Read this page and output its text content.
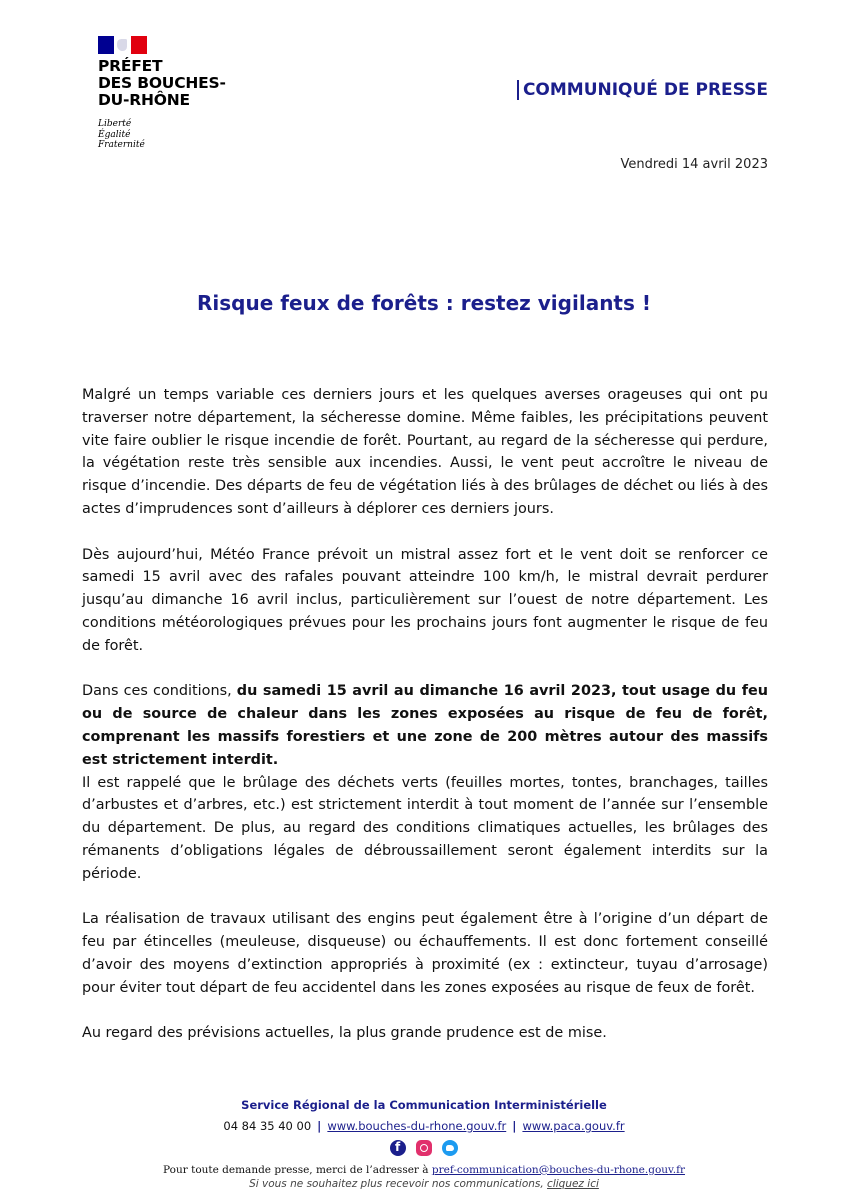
PRÉFET
DES BOUCHES-
DU-RHÔNE
Liberté
Égalité
Fraternité
COMMUNIQUÉ DE PRESSE
Vendredi 14 avril 2023
Risque feux de forêts : restez vigilants !

Malgré un temps variable ces derniers jours et les quelques averses orageuses qui ont pu traverser notre département, la sécheresse domine. Même faibles, les précipitations peuvent vite faire oublier le risque incendie de forêt. Pourtant, au regard de la sécheresse qui perdure, la végétation reste très sensible aux incendies. Aussi, le vent peut accroître le niveau de risque d’incendie. Des départs de feu de végétation liés à des brûlages de déchet ou liés à des actes d’imprudences sont d’ailleurs à déplorer ces derniers jours.

Dès aujourd’hui, Météo France prévoit un mistral assez fort et le vent doit se renforcer ce samedi 15 avril avec des rafales pouvant atteindre 100 km/h, le mistral devrait perdurer jusqu’au dimanche 16 avril inclus, particulièrement sur l’ouest de notre département. Les conditions météorologiques prévues pour les prochains jours font augmenter le risque de feu de forêt.

Dans ces conditions, du samedi 15 avril au dimanche 16 avril 2023, tout usage du feu ou de source de chaleur dans les zones exposées au risque de feu de forêt, comprenant les massifs forestiers et une zone de 200 mètres autour des massifs est strictement interdit.

Il est rappelé que le brûlage des déchets verts (feuilles mortes, tontes, branchages, tailles d’arbustes et d’arbres, etc.) est strictement interdit à tout moment de l’année sur l’ensemble du département. De plus, au regard des conditions climatiques actuelles, les brûlages des rémanents d’obligations légales de débroussaillement seront également interdits sur la période.

La réalisation de travaux utilisant des engins peut également être à l’origine d’un départ de feu par étincelles (meuleuse, disqueuse) ou échauffements. Il est donc fortement conseillé d’avoir des moyens d’extinction appropriés à proximité (ex : extincteur, tuyau d’arrosage) pour éviter tout départ de feu accidentel dans les zones exposées au risque de feux de forêt.

Au regard des prévisions actuelles, la plus grande prudence est de mise.

Service Régional de la Communication Interministérielle
04 84 35 40 00 | www.bouches-du-rhone.gouv.fr | www.paca.gouv.fr
f
Pour toute demande presse, merci de l’adresser à pref-communication@bouches-du-rhone.gouv.fr
Si vous ne souhaitez plus recevoir nos communications, cliquez ici
